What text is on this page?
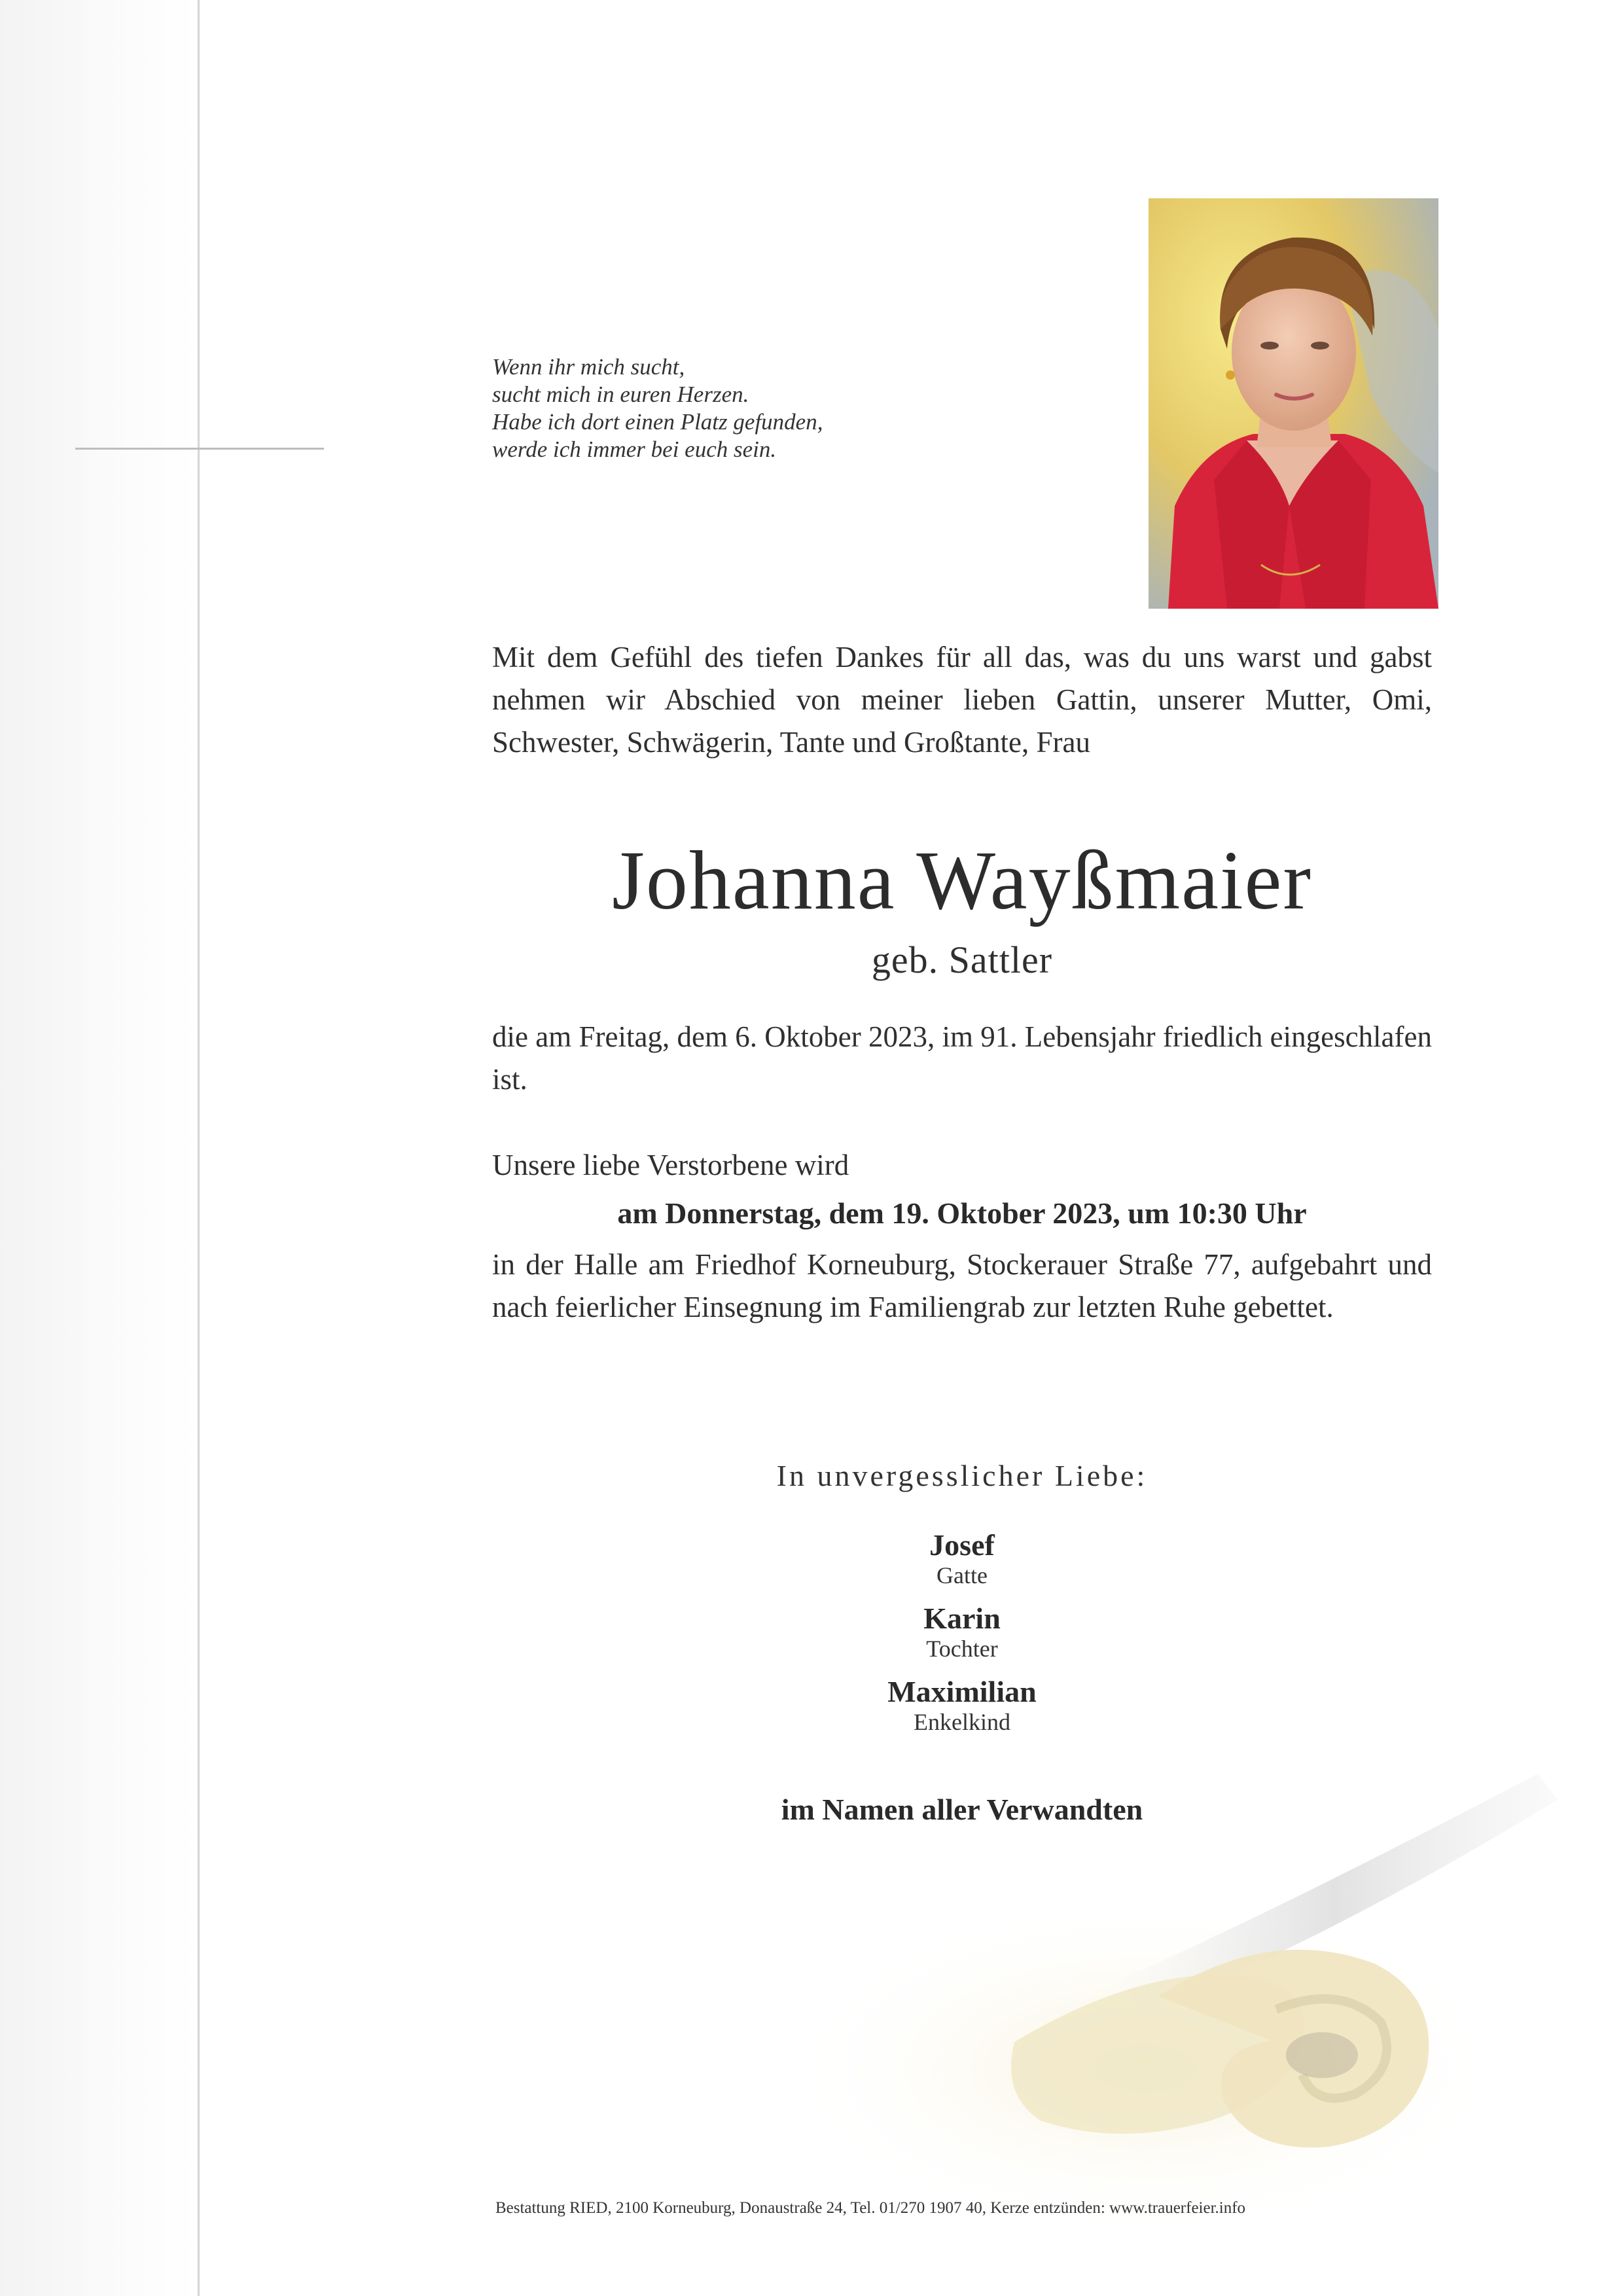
Wenn ihr mich sucht,
sucht mich in euren Herzen.
Habe ich dort einen Platz gefunden,
werde ich immer bei euch sein.
Mit dem Gefühl des tiefen Dankes für all das, was du uns warst und gabst nehmen wir Abschied von meiner lieben Gattin, unserer Mutter, Omi, Schwester, Schwägerin, Tante und Großtante, Frau
Johanna Wayßmaier
geb. Sattler
die am Freitag, dem 6. Oktober 2023, im 91. Lebensjahr friedlich eingeschlafen ist.
Unsere liebe Verstorbene wird
am Donnerstag, dem 19. Oktober 2023, um 10:30 Uhr
in der Halle am Friedhof Korneuburg, Stockerauer Straße 77, aufgebahrt und nach feierlicher Einsegnung im Familiengrab zur letzten Ruhe gebettet.
In unvergesslicher Liebe:
Josef
Gatte
Karin
Tochter
Maximilian
Enkelkind
im Namen aller Verwandten
Bestattung RIED, 2100 Korneuburg, Donaustraße 24, Tel. 01/270 1907 40, Kerze entzünden: www.trauerfeier.info
